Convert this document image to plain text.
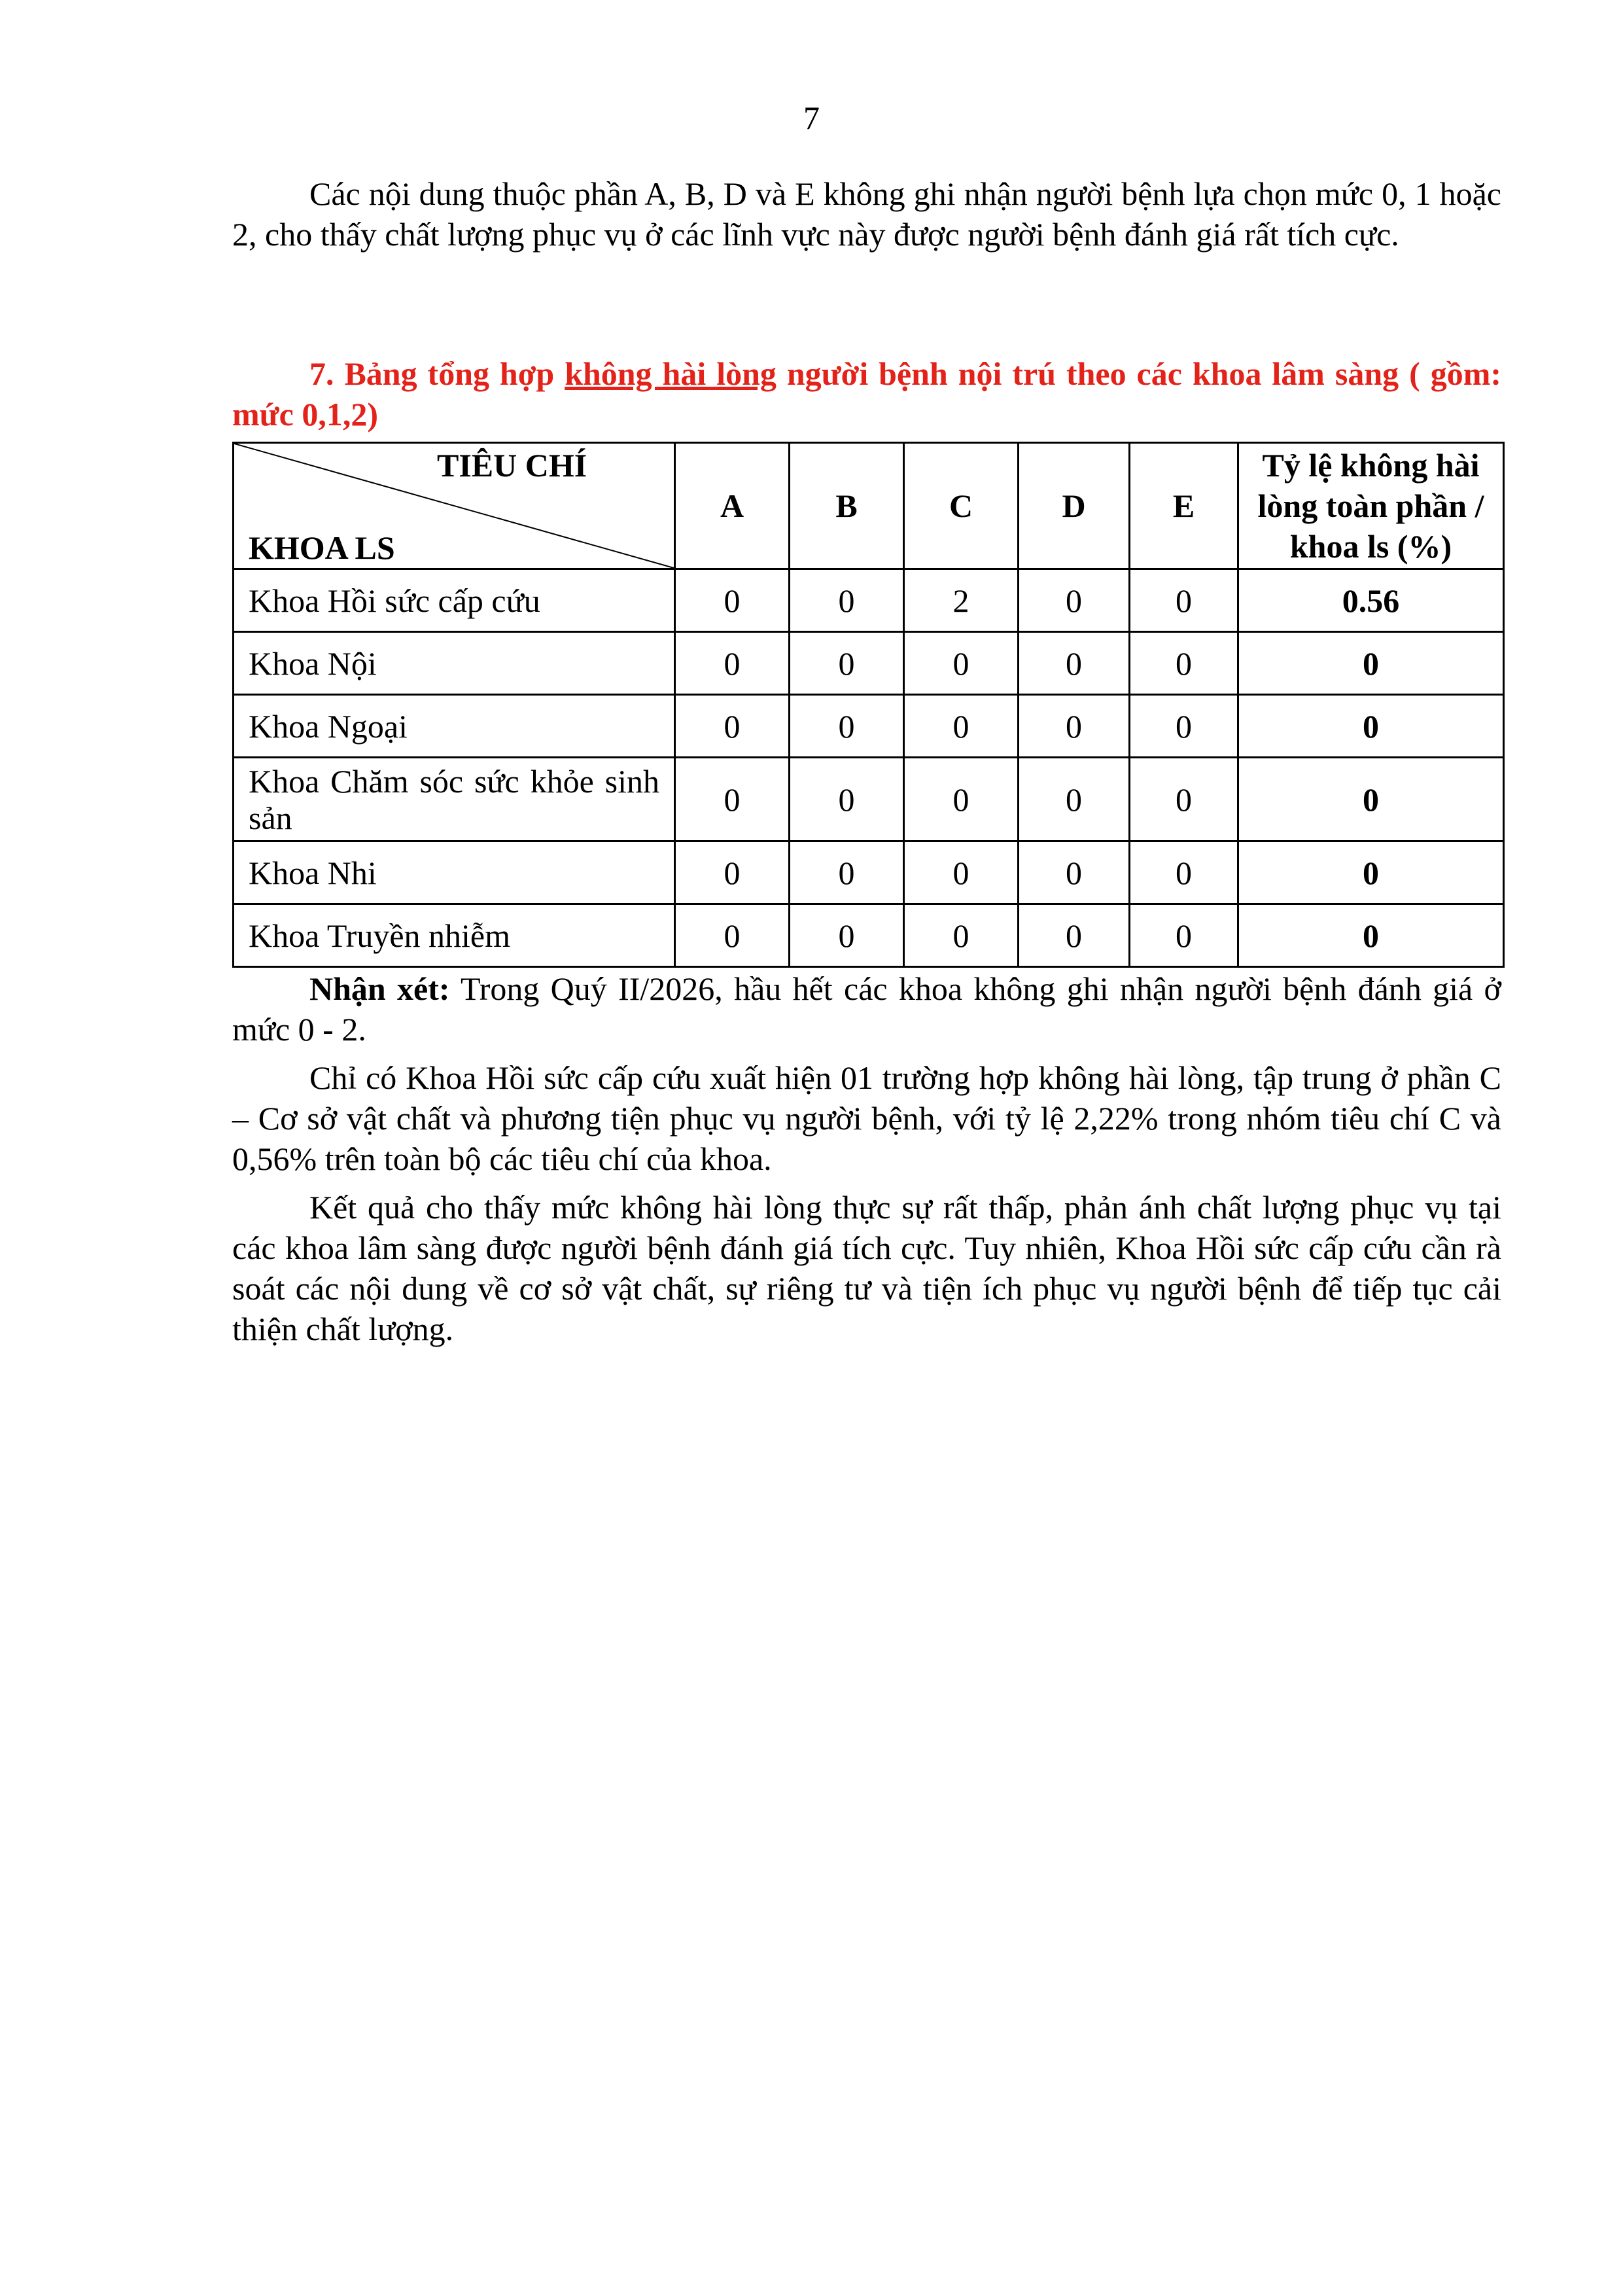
7

Các nội dung thuộc phần A, B, D và E không ghi nhận người bệnh lựa chọn mức 0, 1 hoặc 2, cho thấy chất lượng phục vụ ở các lĩnh vực này được người bệnh đánh giá rất tích cực.

7. Bảng tổng hợp không hài lòng người bệnh nội trú theo các khoa lâm sàng ( gồm: mức 0,1,2)
TIÊU CHÍ
KHOA LS	A	B	C	D	E	Tỷ lệ không hài lòng toàn phần / khoa ls (%)
Khoa Hồi sức cấp cứu	0	0	2	0	0	0.56
Khoa Nội	0	0	0	0	0	0
Khoa Ngoại	0	0	0	0	0	0
Khoa Chăm sóc sức khỏe sinh sản	0	0	0	0	0	0
Khoa Nhi	0	0	0	0	0	0
Khoa Truyền nhiễm	0	0	0	0	0	0

Nhận xét: Trong Quý II/2026, hầu hết các khoa không ghi nhận người bệnh đánh giá ở mức 0 - 2.

Chỉ có Khoa Hồi sức cấp cứu xuất hiện 01 trường hợp không hài lòng, tập trung ở phần C – Cơ sở vật chất và phương tiện phục vụ người bệnh, với tỷ lệ 2,22% trong nhóm tiêu chí C và 0,56% trên toàn bộ các tiêu chí của khoa.

Kết quả cho thấy mức không hài lòng thực sự rất thấp, phản ánh chất lượng phục vụ tại các khoa lâm sàng được người bệnh đánh giá tích cực. Tuy nhiên, Khoa Hồi sức cấp cứu cần rà soát các nội dung về cơ sở vật chất, sự riêng tư và tiện ích phục vụ người bệnh để tiếp tục cải thiện chất lượng.
